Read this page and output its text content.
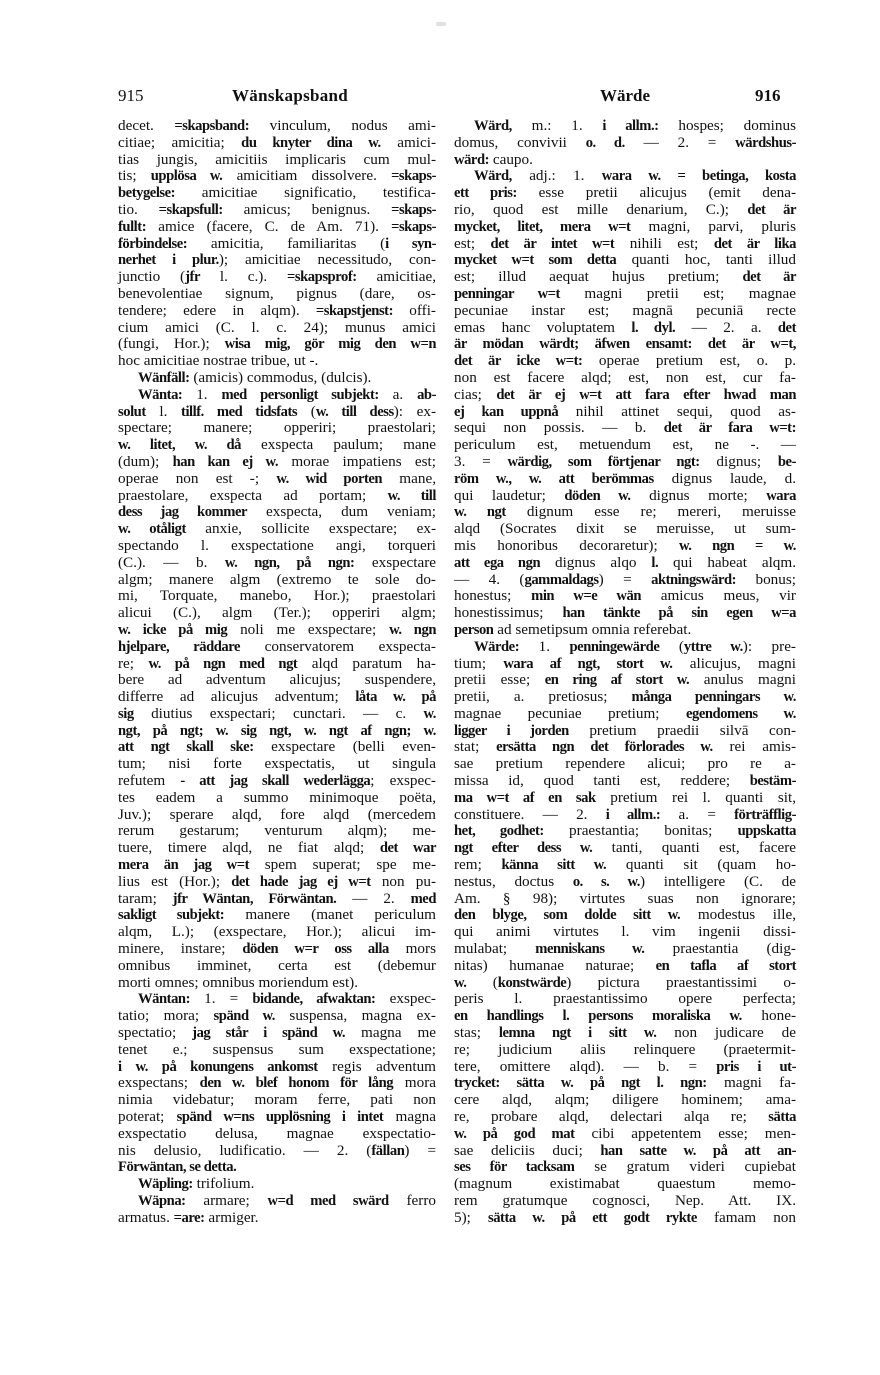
915	Wänskapsband	Wärde	916
decet. =skapsband: vinculum, nodus ami-
citiae; amicitia; du knyter dina w. amici-
tias jungis, amicitiis implicaris cum mul-
tis; upplösa w. amicitiam dissolvere. =skaps-
betygelse: amicitiae significatio, testifica-
tio. =skapsfull: amicus; benignus. =skaps-
fullt: amice (facere, C. de Am. 71). =skaps-
förbindelse: amicitia, familiaritas (i syn-
nerhet i plur.); amicitiae necessitudo, con-
junctio (jfr l. c.). =skapsprof: amicitiae,
benevolentiae signum, pignus (dare, os-
tendere; edere in alqm). =skapstjenst: offi-
cium amici (C. l. c. 24); munus amici
(fungi, Hor.); wisa mig, gör mig den w=n
hoc amicitiae nostrae tribue, ut -.
Wänfäll: (amicis) commodus, (dulcis).
Wänta: 1. med personligt subjekt: a. ab-
solut l. tillf. med tidsfats (w. till dess): ex-
spectare; manere; opperiri; praestolari;
w. litet, w. då exspecta paulum; mane
(dum); han kan ej w. morae impatiens est;
operae non est -; w. wid porten mane,
praestolare, exspecta ad portam; w. till
dess jag kommer exspecta, dum veniam;
w. otåligt anxie, sollicite exspectare; ex-
spectando l. exspectatione angi, torqueri
(C.). — b. w. ngn, på ngn: exspectare
algm; manere algm (extremo te sole do-
mi, Torquate, manebo, Hor.); praestolari
alicui (C.), algm (Ter.); opperiri algm;
w. icke på mig noli me exspectare; w. ngn
hjelpare, räddare conservatorem exspecta-
re; w. på ngn med ngt alqd paratum ha-
bere ad adventum alicujus; suspendere,
differre ad alicujus adventum; låta w. på
sig diutius exspectari; cunctari. — c. w.
ngt, på ngt; w. sig ngt, w. ngt af ngn; w.
att ngt skall ske: exspectare (belli even-
tum; nisi forte exspectatis, ut singula
refutem - att jag skall wederlägga; exspec-
tes eadem a summo minimoque poëta,
Juv.); sperare alqd, fore alqd (mercedem
rerum gestarum; venturum alqm); me-
tuere, timere alqd, ne fiat alqd; det war
mera än jag w=t spem superat; spe me-
lius est (Hor.); det hade jag ej w=t non pu-
taram; jfr Wäntan, Förwäntan. — 2. med
sakligt subjekt: manere (manet periculum
alqm, L.); (exspectare, Hor.); alicui im-
minere, instare; döden w=r oss alla mors
omnibus imminet, certa est (debemur
morti omnes; omnibus moriendum est).
Wäntan: 1. = bidande, afwaktan: exspec-
tatio; mora; spänd w. suspensa, magna ex-
spectatio; jag står i spänd w. magna me
tenet e.; suspensus sum exspectatione;
i w. på konungens ankomst regis adventum
exspectans; den w. blef honom för lång mora
nimia videbatur; moram ferre, pati non
poterat; spänd w=ns upplösning i intet magna
exspectatio delusa, magnae exspectatio-
nis delusio, ludificatio. — 2. (fällan) =
Förwäntan, se detta.
Wäpling: trifolium.
Wäpna: armare; w=d med swärd ferro
armatus. =are: armiger.
Wärd, m.: 1. i allm.: hospes; dominus
domus, convivii o. d. — 2. = wärdshus-
wärd: caupo.
Wärd, adj.: 1. wara w. = betinga, kosta
ett pris: esse pretii alicujus (emit dena-
rio, quod est mille denarium, C.); det är
mycket, litet, mera w=t magni, parvi, pluris
est; det är intet w=t nihili est; det är lika
mycket w=t som detta quanti hoc, tanti illud
est; illud aequat hujus pretium; det är
penningar w=t magni pretii est; magnae
pecuniae instar est; magnā pecuniā recte
emas hanc voluptatem l. dyl. — 2. a. det
är mödan wärdt; äfwen ensamt: det är w=t,
det är icke w=t: operae pretium est, o. p.
non est facere alqd; est, non est, cur fa-
cias; det är ej w=t att fara efter hwad man
ej kan uppnå nihil attinet sequi, quod as-
sequi non possis. — b. det är fara w=t:
periculum est, metuendum est, ne -. —
3. = wärdig, som förtjenar ngt: dignus; be-
röm w., w. att berömmas dignus laude, d.
qui laudetur; döden w. dignus morte; wara
w. ngt dignum esse re; mereri, meruisse
alqd (Socrates dixit se meruisse, ut sum-
mis honoribus decoraretur); w. ngn = w.
att ega ngn dignus alqo l. qui habeat alqm.
— 4. (gammaldags) = aktningswärd: bonus;
honestus; min w=e wän amicus meus, vir
honestissimus; han tänkte på sin egen w=a
person ad semetipsum omnia referebat.
Wärde: 1. penningewärde (yttre w.): pre-
tium; wara af ngt, stort w. alicujus, magni
pretii esse; en ring af stort w. anulus magni
pretii, a. pretiosus; många penningars w.
magnae pecuniae pretium; egendomens w.
ligger i jorden pretium praedii silvā con-
stat; ersätta ngn det förlorades w. rei amis-
sae pretium rependere alicui; pro re a-
missa id, quod tanti est, reddere; bestäm-
ma w=t af en sak pretium rei l. quanti sit,
constituere. — 2. i allm.: a. = förträfflig-
het, godhet: praestantia; bonitas; uppskatta
ngt efter dess w. tanti, quanti est, facere
rem; känna sitt w. quanti sit (quam ho-
nestus, doctus o. s. w.) intelligere (C. de
Am. § 98); virtutes suas non ignorare;
den blyge, som dolde sitt w. modestus ille,
qui animi virtutes l. vim ingenii dissi-
mulabat; menniskans w. praestantia (dig-
nitas) humanae naturae; en tafla af stort
w. (konstwärde) pictura praestantissimi o-
peris l. praestantissimo opere perfecta;
en handlings l. persons moraliska w. hone-
stas; lemna ngt i sitt w. non judicare de
re; judicium aliis relinquere (praetermit-
tere, omittere alqd). — b. = pris i ut-
trycket: sätta w. på ngt l. ngn: magni fa-
cere alqd, alqm; diligere hominem; ama-
re, probare alqd, delectari alqa re; sätta
w. på god mat cibi appetentem esse; men-
sae deliciis duci; han satte w. på att an-
ses för tacksam se gratum videri cupiebat
(magnum existimabat quaestum memo-
rem gratumque cognosci, Nep. Att. IX.
5); sätta w. på ett godt rykte famam non
